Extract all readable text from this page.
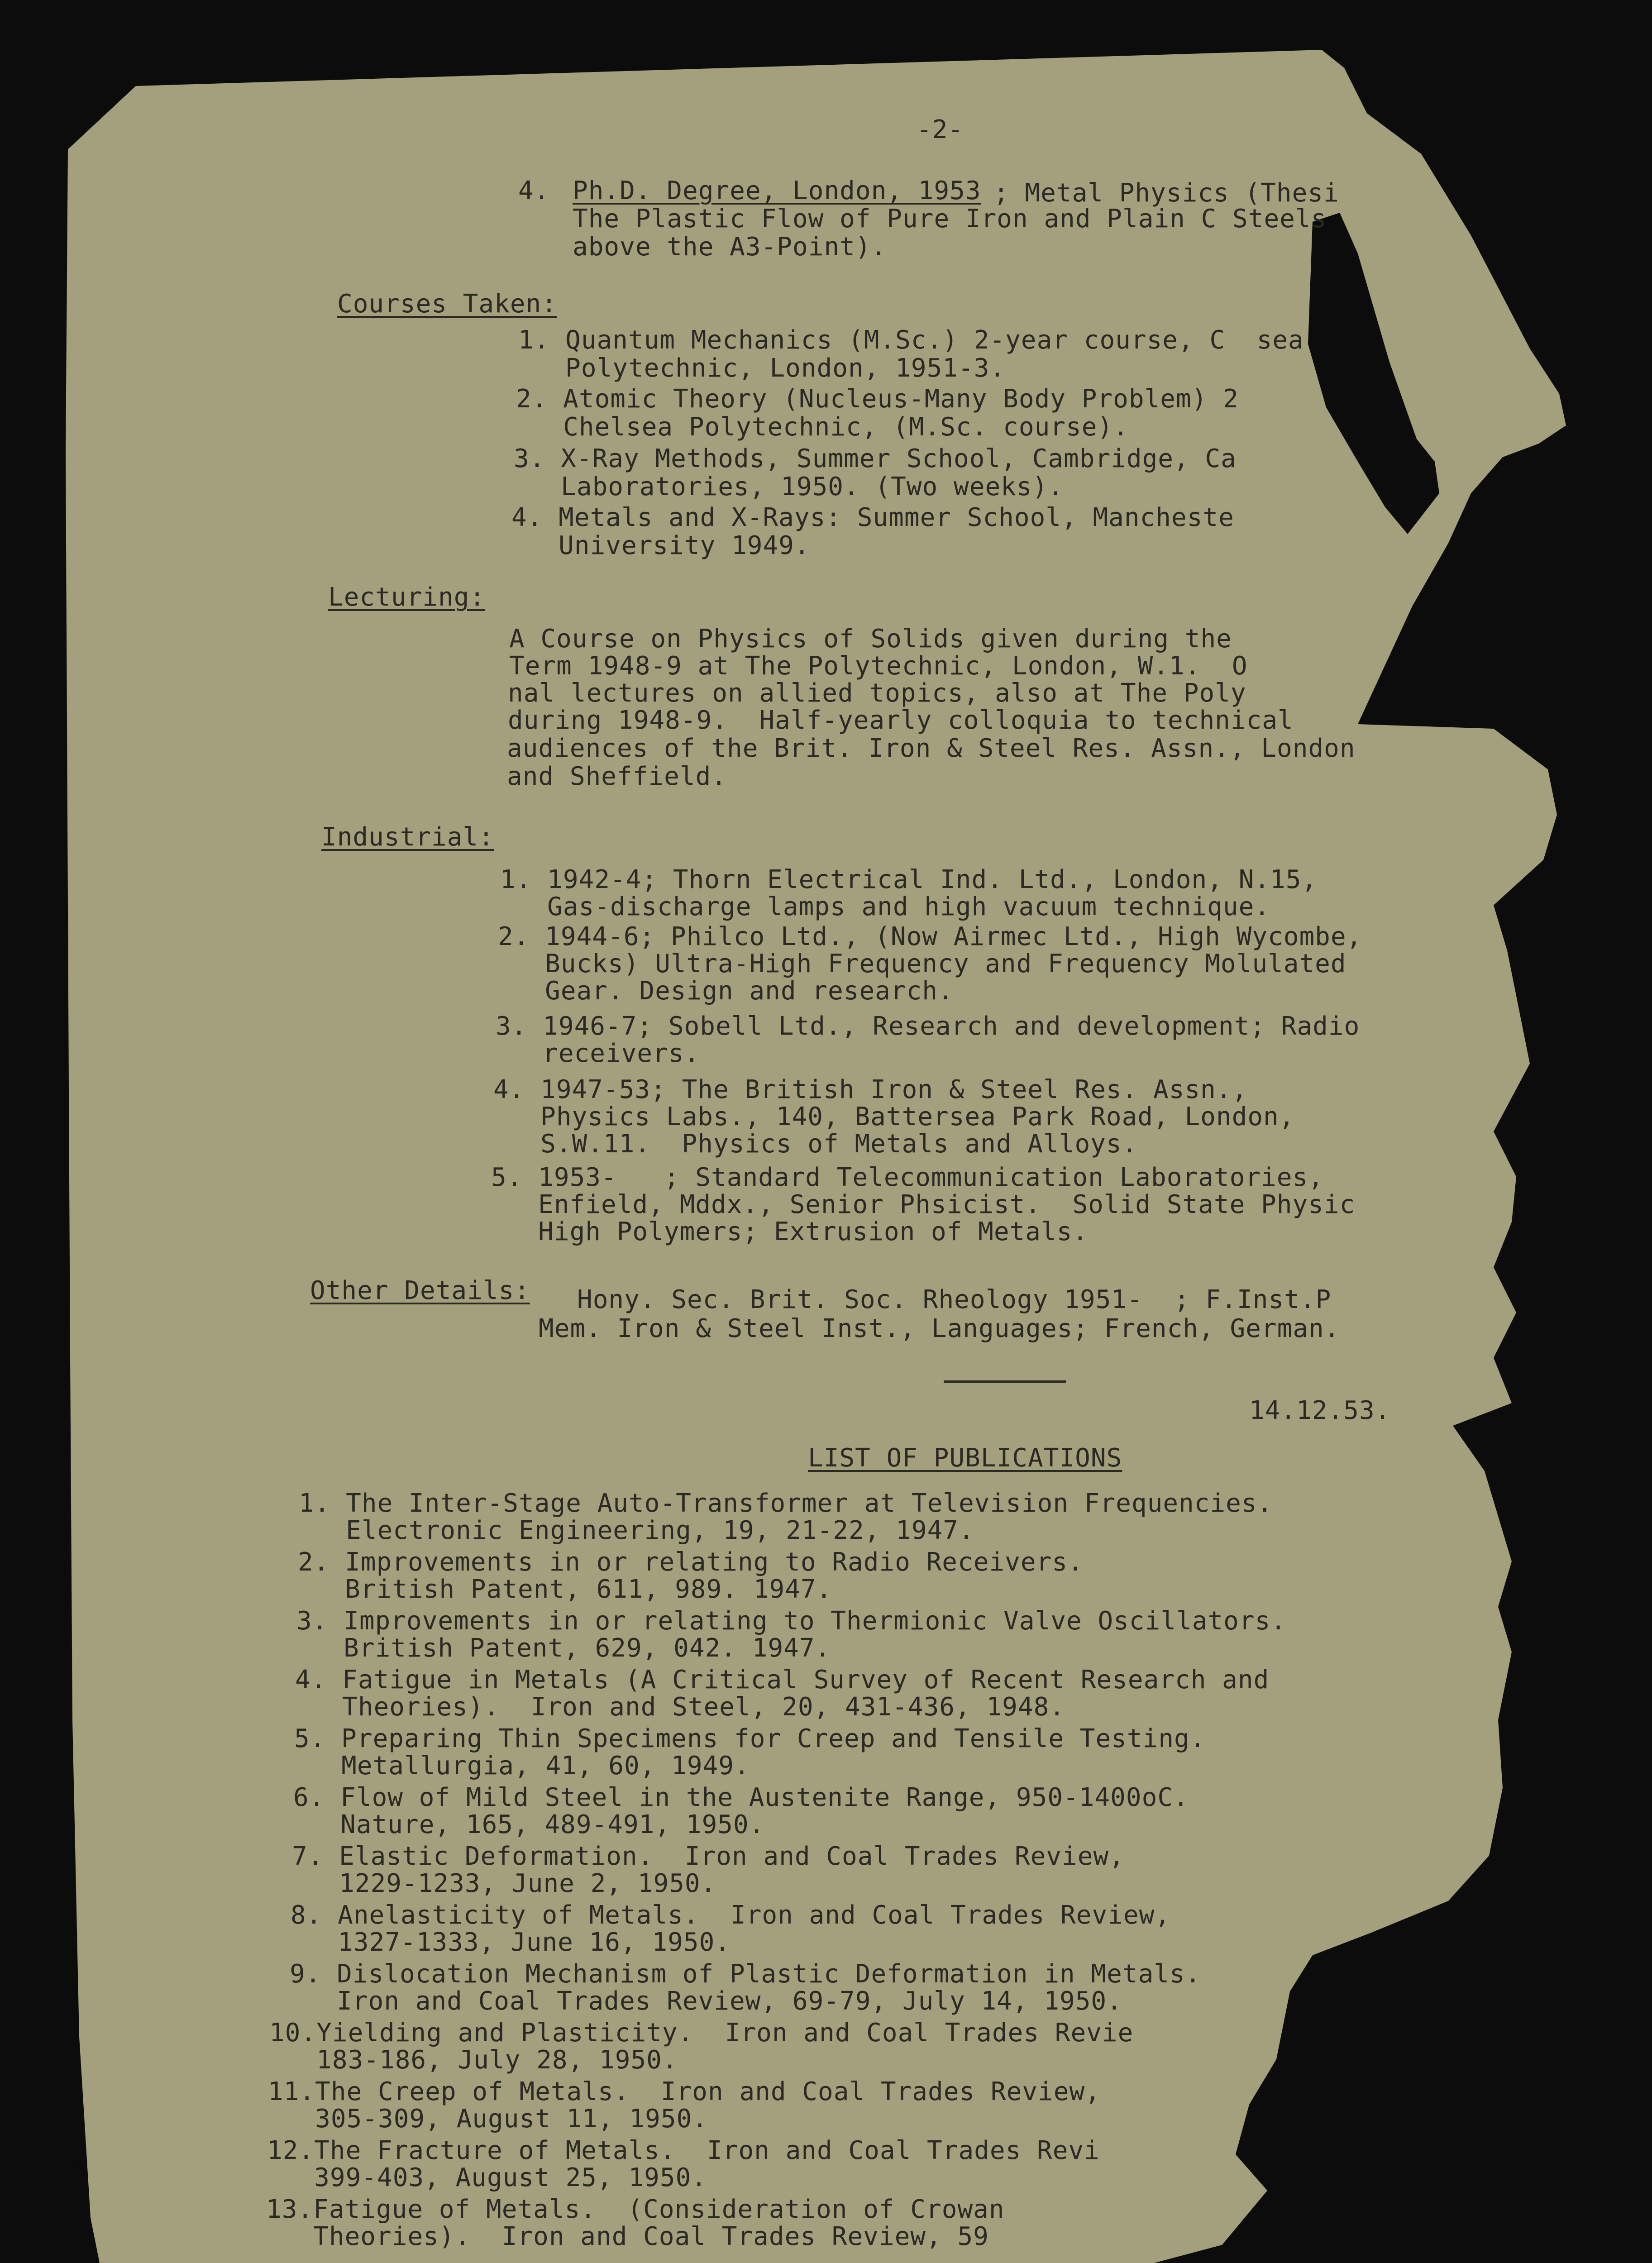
-2-
4. Ph.D. Degree, London, 1953 ; Metal Physics (Thesi
The Plastic Flow of Pure Iron and Plain C Steels
above the A3-Point).
Courses Taken:
1. Quantum Mechanics (M.Sc.) 2-year course, C  sea
Polytechnic, London, 1951-3.
2. Atomic Theory (Nucleus-Many Body Problem) 2
Chelsea Polytechnic, (M.Sc. course).
3. X-Ray Methods, Summer School, Cambridge, Ca
Laboratories, 1950. (Two weeks).
4. Metals and X-Rays: Summer School, Mancheste
University 1949.
Lecturing:
A Course on Physics of Solids given during the
Term 1948-9 at The Polytechnic, London, W.1.  O
nal lectures on allied topics, also at The Poly
during 1948-9.  Half-yearly colloquia to technical
audiences of the Brit. Iron & Steel Res. Assn., London
and Sheffield.
Industrial:
1. 1942-4; Thorn Electrical Ind. Ltd., London, N.15,
Gas-discharge lamps and high vacuum technique.
2. 1944-6; Philco Ltd., (Now Airmec Ltd., High Wycombe,
Bucks) Ultra-High Frequency and Frequency Molulated
Gear. Design and research.
3. 1946-7; Sobell Ltd., Research and development; Radio
receivers.
4. 1947-53; The British Iron & Steel Res. Assn.,
Physics Labs., 140, Battersea Park Road, London,
S.W.11.  Physics of Metals and Alloys.
5. 1953-   ; Standard Telecommunication Laboratories,
Enfield, Mddx., Senior Phsicist.  Solid State Physic
High Polymers; Extrusion of Metals.
Other Details: Hony. Sec. Brit. Soc. Rheology 1951-  ; F.Inst.P
Mem. Iron & Steel Inst., Languages; French, German.
14.12.53.
LIST OF PUBLICATIONS
1. The Inter-Stage Auto-Transformer at Television Frequencies.
Electronic Engineering, 19, 21-22, 1947.
2. Improvements in or relating to Radio Receivers.
British Patent, 611, 989. 1947.
3. Improvements in or relating to Thermionic Valve Oscillators.
British Patent, 629, 042. 1947.
4. Fatigue in Metals (A Critical Survey of Recent Research and
Theories).  Iron and Steel, 20, 431-436, 1948.
5. Preparing Thin Specimens for Creep and Tensile Testing.
Metallurgia, 41, 60, 1949.
6. Flow of Mild Steel in the Austenite Range, 950-1400oC.
Nature, 165, 489-491, 1950.
7. Elastic Deformation.  Iron and Coal Trades Review,
1229-1233, June 2, 1950.
8. Anelasticity of Metals.  Iron and Coal Trades Review,
1327-1333, June 16, 1950.
9. Dislocation Mechanism of Plastic Deformation in Metals.
Iron and Coal Trades Review, 69-79, July 14, 1950.
10.Yielding and Plasticity.  Iron and Coal Trades Revie
183-186, July 28, 1950.
11.The Creep of Metals.  Iron and Coal Trades Review,
305-309, August 11, 1950.
12.The Fracture of Metals.  Iron and Coal Trades Revi
399-403, August 25, 1950.
13.Fatigue of Metals.  (Consideration of Crowan
Theories).  Iron and Coal Trades Review, 59
